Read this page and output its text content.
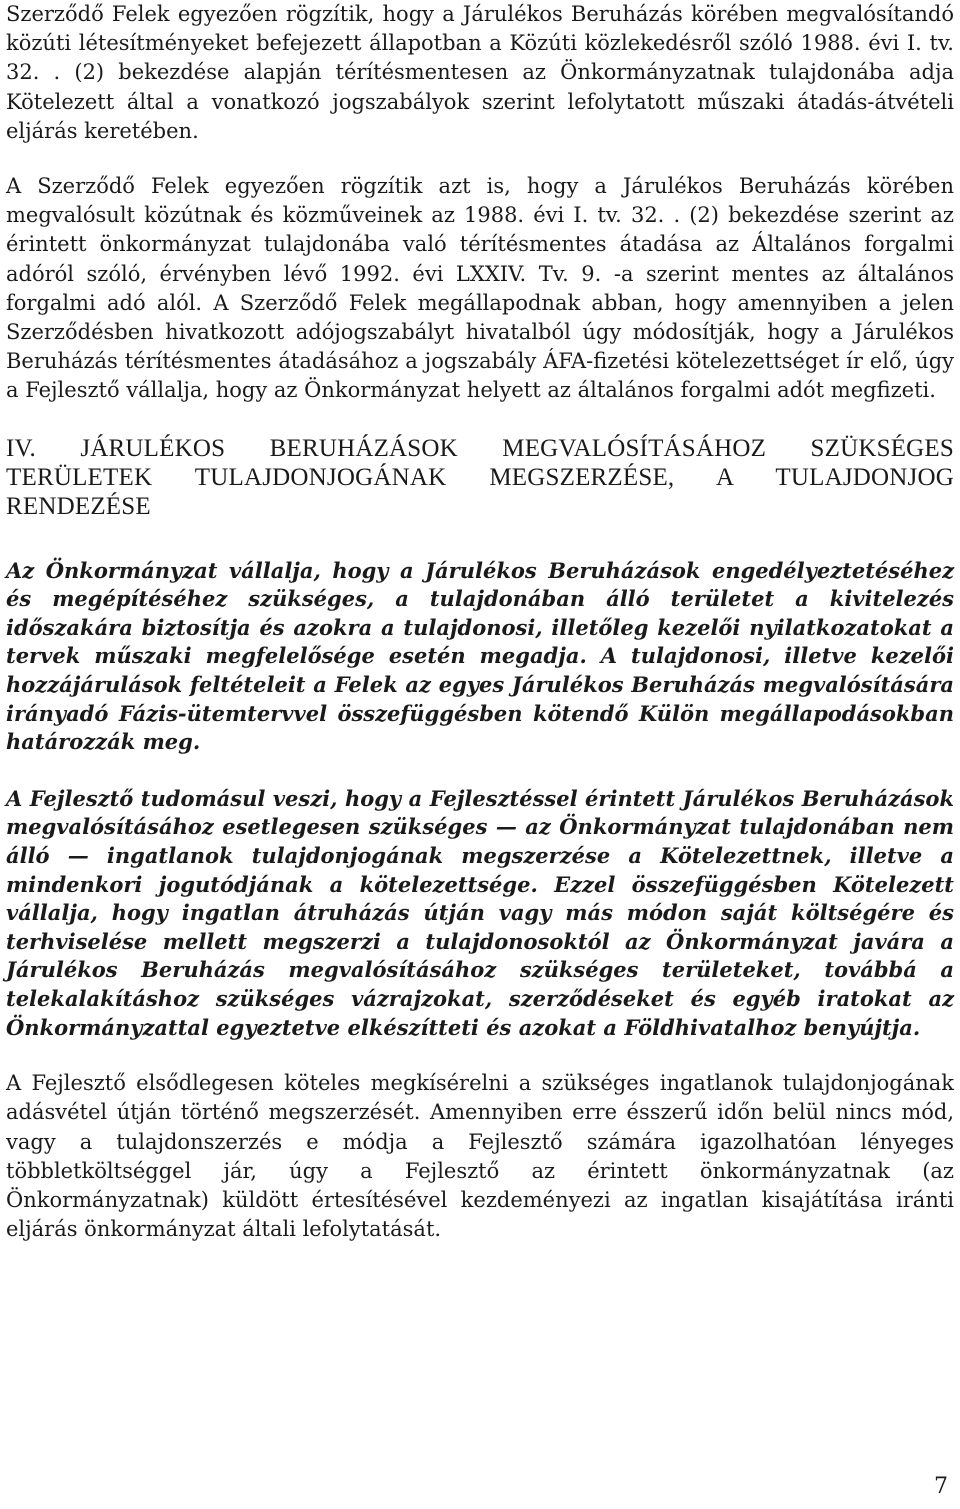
Szerződő Felek egyezően rögzítik, hogy a Járulékos Beruházás körében megvalósítandó közúti létesítményeket befejezett állapotban a Közúti közlekedésről szóló 1988. évi I. tv. 32. . (2) bekezdése alapján térítésmentesen az Önkormányzatnak tulajdonába adja Kötelezett által a vonatkozó jogszabályok szerint lefolytatott műszaki átadás-átvételi eljárás keretében.

A Szerződő Felek egyezően rögzítik azt is, hogy a Járulékos Beruházás körében megvalósult közútnak és közműveinek az 1988. évi I. tv. 32. . (2) bekezdése szerint az érintett önkormányzat tulajdonába való térítésmentes átadása az Általános forgalmi adóról szóló, érvényben lévő 1992. évi LXXIV. Tv. 9. -a szerint mentes az általános forgalmi adó alól. A Szerződő Felek megállapodnak abban, hogy amennyiben a jelen Szerződésben hivatkozott adójogszabályt hivatalból úgy módosítják, hogy a Járulékos Beruházás térítésmentes átadásához a jogszabály ÁFA-fizetési kötelezettséget ír elő, úgy a Fejlesztő vállalja, hogy az Önkormányzat helyett az általános forgalmi adót megfizeti.

IV. JÁRULÉKOS BERUHÁZÁSOK MEGVALÓSÍTÁSÁHOZ SZÜKSÉGES TERÜLETEK TULAJDONJOGÁNAK MEGSZERZÉSE, A TULAJDONJOG RENDEZÉSE

Az Önkormányzat vállalja, hogy a Járulékos Beruházások engedélyeztetéséhez és megépítéséhez szükséges, a tulajdonában álló területet a kivitelezés időszakára biztosítja és azokra a tulajdonosi, illetőleg kezelői nyilatkozatokat a tervek műszaki megfelelősége esetén megadja. A tulajdonosi, illetve kezelői hozzájárulások feltételeit a Felek az egyes Járulékos Beruházás megvalósítására irányadó Fázis-ütemtervvel összefüggésben kötendő Külön megállapodásokban határozzák meg.

A Fejlesztő tudomásul veszi, hogy a Fejlesztéssel érintett Járulékos Beruházások megvalósításához esetlegesen szükséges — az Önkormányzat tulajdonában nem álló — ingatlanok tulajdonjogának megszerzése a Kötelezettnek, illetve a mindenkori jogutódjának a kötelezettsége. Ezzel összefüggésben Kötelezett vállalja, hogy ingatlan átruházás útján vagy más módon saját költségére és terhviselése mellett megszerzi a tulajdonosoktól az Önkormányzat javára a Járulékos Beruházás megvalósításához szükséges területeket, továbbá a telekalakításhoz szükséges vázrajzokat, szerződéseket és egyéb iratokat az Önkormányzattal egyeztetve elkészítteti és azokat a Földhivatalhoz benyújtja.

A Fejlesztő elsődlegesen köteles megkísérelni a szükséges ingatlanok tulajdonjogának adásvétel útján történő megszerzését. Amennyiben erre ésszerű időn belül nincs mód, vagy a tulajdonszerzés e módja a Fejlesztő számára igazolhatóan lényeges többletköltséggel jár, úgy a Fejlesztő az érintett önkormányzatnak (az Önkormányzatnak) küldött értesítésével kezdeményezi az ingatlan kisajátítása iránti eljárás önkormányzat általi lefolytatását.

7
